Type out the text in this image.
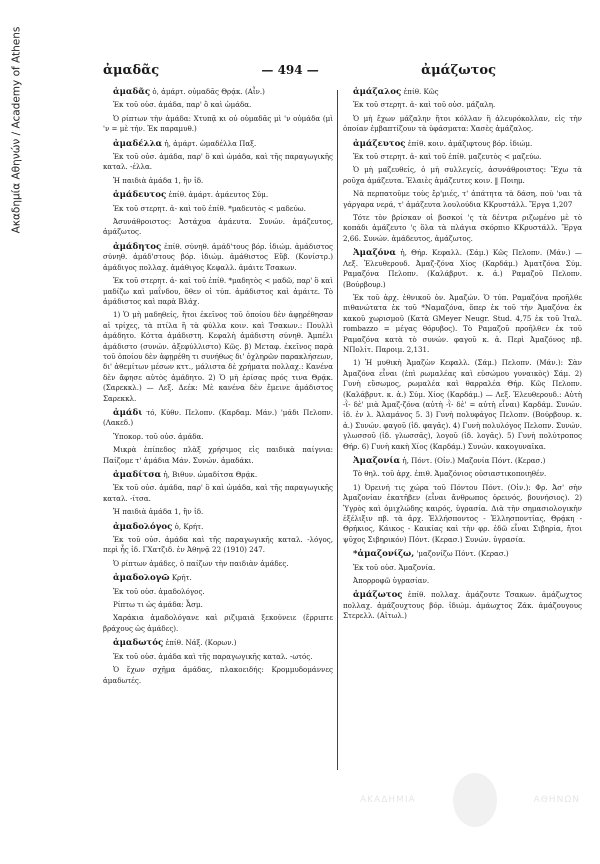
Ακαδημία Αθηνών / Academy of Athens	ἀμαδᾶς	— 494 —	ἀμάζωτος

ἀμαδᾶς ὁ, ἀμάρτ. οὐμαδᾶς Θρᾴκ. (Αἶν.)

Ἐκ τοῦ οὐσ. ἀμάδα, παρ' ὃ καὶ ὠμάδα.

Ὁ ρίπτων τὴν ἀμάδα: Χτυπᾷ κι οὐ οὐμαδᾶς μὶ 'ν οὐμάδα (μὶ 'ν = μὲ τήν. Ἐκ παραμυθ.)

ἀμαδέλλα ἡ, ἀμάρτ. ὠμαδέλλα Παξ.

Ἐκ τοῦ οὐσ. ἀμάδα, παρ' ὃ καὶ ὠμάδα, καὶ τῆς παραγωγικῆς καταλ. -έλλα.

Ἡ παιδιὰ ἀμάδα 1, ἣν ἰδ.

ἀμάδευτος ἐπίθ. ἀμάρτ. ἀμάευτος Σύμ.

Ἐκ τοῦ στερητ. ἀ- καὶ τοῦ ἐπίθ. *μαδευτὸς < μαδεύω.

Ἀσυνάθροιστος: Ἀστάχυα ἀμάευτα. Συνών. ἀμάζευτος, ἀμάζωτος.

ἀμάδητος ἐπίθ. σύνηθ. ἀμάδ'τους βόρ. ἰδιώμ. ἀμάδιστος σύνηθ. ἀμάδ'στους βόρ. ἰδιώμ. ἀμάθιστος Εὔβ. (Κονίστρ.) ἀμάδιγος πολλαχ. ἀμάθιγος Κεφαλλ. ἀμάιτε Τσακων.

Ἐκ τοῦ στερητ. ἀ- καὶ τοῦ ἐπίθ. *μαδητὸς < μαδῶ, παρ' ὃ καὶ μαδίζω καὶ μαΐνδου, ὅθεν οἱ τύπ. ἀμάδιστος καὶ ἀμάιτε. Τὸ ἀμάδιστος καὶ παρὰ Βλάχ.

1) Ὁ μὴ μαδηθείς, ἤτοι ἐκεῖνος τοῦ ὁποίου δὲν ἀφῃρέθησαν αἱ τρίχες, τὰ πτίλα ἢ τὰ φύλλα κοιν. καὶ Τσακων.: Πουλλὶ ἀμάδητο. Κόττα ἀμάδιστη. Κεφαλὴ ἀμάδιστη σύνηθ. Ἀμπέλι ἀμάδιστο (συνών. ἀξεφύλλιστο) Κῶς. β) Μεταφ. ἐκεῖνος παρὰ τοῦ ὁποίου δὲν ἀφῃρέθη τι συνήθως δι' ὀχληρῶν παρακλήσεων, δι' ἀθεμίτων μέσων κττ., μάλιστα δὲ χρήματα πολλαχ.: Κανένα δὲν ἄφησε αὐτὸς ἀμάδητο. 2) Ὁ μὴ ἐρίσας πρός τινα Θρᾴκ. (Σαρεκκλ.) — Λεξ. Δεέκ: Μὲ κανένα δὲν ἔμεινε ἀμάδιστος Σαρεκκλ.

ἀμάδι τό, Κύθν. Πελοπν. (Καρδαμ. Μάν.) 'μάδι Πελοπν. (Λακεδ.)

Ὑποκορ. τοῦ οὐσ. ἀμάδα.

Μικρὰ ἐπίπεδος πλὰξ χρήσιμος εἰς παιδικὰ παίγνια: Παίζομε τ' ἀμάδια Μάν. Συνών. ἀμαδάκι.

ἀμαδίτσα ἡ, Βιθυν. ὠμαδίτσα Θρᾴκ.

Ἐκ τοῦ οὐσ. ἀμάδα, παρ' ὃ καὶ ὠμάδα, καὶ τῆς παραγωγικῆς καταλ. -ίτσα.

Ἡ παιδιὰ ἀμάδα 1, ἣν ἰδ.

ἀμαδολόγος ὁ, Κρήτ.

Ἐκ τοῦ οὐσ. ἀμάδα καὶ τῆς παραγωγικῆς καταλ. -λόγος, περὶ ἧς ἰδ. ΓΧατζιδ. ἐν Ἀθηνᾷ 22 (1910) 247.

Ὁ ρίπτων ἀμάδες, ὁ παίζων τὴν παιδιὰν ἀμάδες.

ἀμαδολογῶ Κρήτ.

Ἐκ τοῦ οὐσ. ἀμαδολόγος.

Ρίπτω τι ὡς ἀμάδα: Ἆσμ.

Χαράκια ἀμαδολόγανε καὶ ριζιμαιὰ ξεκούνειε (ἔρριπτε βράχους ὡς ἀμάδες).

ἀμαδωτός ἐπίθ. Νάξ. (Κορων.)

Ἐκ τοῦ οὐσ. ἀμάδα καὶ τῆς παραγωγικῆς καταλ. -ωτός.

Ὁ ἔχων σχῆμα ἀμάδας, πλακοειδής: Κρομμυδομάννες ἀμαδωτές.

ἀμάζαλος ἐπίθ. Κῶς

Ἐκ τοῦ στερητ. ἀ- καὶ τοῦ οὐσ. μάζαλη.

Ὁ μὴ ἔχων μάζαλην ἤτοι κόλλαν ἢ ἀλευρόκολλαν, εἰς τὴν ὁποίαν ἐμβαπτίζουν τὰ ὑφάσματα: Χασὲς ἀμάζαλος.

ἀμάζευτος ἐπίθ. κοιν. ἀμάζιφτους βόρ. ἰδιώμ.

Ἐκ τοῦ στερητ. ἀ- καὶ τοῦ ἐπίθ. μαζευτὸς < μαζεύω.

Ὁ μὴ μαζευθείς, ὁ μὴ συλλεγείς, ἀσυνάθροιστος: Ἔχω τὰ ροῦχα ἀμάζευτα. Ἐλαιὲς ἀμάζευτες κοιν. ‖ Ποιημ.

Νὰ περπατοῦμε τοὺς ἔρ'μιές, τ' ἀπάτητα τὰ δάση, ποὺ 'ναι τὰ γάργαρα νερά, τ' ἀμάζευτα λουλούδια ΚΚρυστάλλ. Ἔργα 1,207

Τότε τὸν βρίσκαν οἱ βοσκοί 'ς τὰ δέντρα ριζωμένο μὲ τὸ κοπάδι ἀμάζευτο 'ς ὅλα τὰ πλάγια σκόρπιο ΚΚρυστάλλ. Ἔργα 2,66. Συνών. ἀμάδευτος, ἀμάζωτος.

Ἀμαζόνα ἡ, Θήρ. Κεφαλλ. (Σάμ.) Κῶς Πελοπν. (Μάν.) — Λεξ. Ἐλευθερουδ. Ἀμαζ-ζόνα Χίος (Καρδάμ.) Ἀματζόνα Σύμ. Ραμαζόνα Πελοπν. (Καλάβρυτ. κ. ἀ.) Ραμαζοῦ Πελοπν. (Βούρβουρ.)

Ἐκ τοῦ ἀρχ. ἐθνικοῦ ὀν. Ἀμαζών. Ὁ τύπ. Ραμαζόνα προῆλθε πιθανώτατα ἐκ τοῦ *Ναμαζόνα, ὅπερ ἐκ τοῦ τὴν Ἀμαζόνα ἐκ κακοῦ χωρισμοῦ (Κατὰ GMeyer Neugr. Stud. 4,75 ἐκ τοῦ Ἰταλ. rombazzo = μέγας θόρυβος). Τὸ Ραμαζοῦ προῆλθεν ἐκ τοῦ Ραμαζόνα κατὰ τὸ συνών. φαγοῦ κ. ἀ. Περὶ Ἀμαζόνος πβ. ΝΠολίτ. Παροιμ. 2,131.

1) Ἡ μυθικὴ Ἀμαζὼν Κεφαλλ. (Σάμ.) Πελοπν. (Μάν.): Σὰν Ἀμαζόνα εἶναι (ἐπὶ ρωμαλέας καὶ εὐσώμου γυναικὸς) Σάμ. 2) Γυνὴ εὔσωμος, ρωμαλέα καὶ θαρραλέα Θήρ. Κῶς Πελοπν. (Καλάβρυτ. κ. ἀ.) Σύμ. Χίος (Καρδάμ.) — Λεξ. Ἐλευθερουδ.: Αὐτὴ -ῒ- δὲ' μιὰ Ἀμαζ-ζόνα (αὐτὴ -ῒ- δὲ' = αὐτὴ εἶναι) Καρδάμ. Συνών. ἰδ. ἐν λ. Ἀλαμάνος 5. 3) Γυνὴ πολυφάγος Πελοπν. (Βούρβουρ. κ. ἀ.) Συνών. φαγοῦ (ἰδ. φαγᾶς). 4) Γυνὴ πολυλόγος Πελοπν. Συνών. γλωσσοῦ (ἰδ. γλωσσᾶς), λογοῦ (ἰδ. λογᾶς). 5) Γυνὴ πολύτροπος Θήρ. 6) Γυνὴ κακὴ Χίος (Καρδάμ.) Συνών. κακογυναῖκα.

Ἀμαζονία ἡ, Πόντ. (Οἰν.) Μαζονία Πόντ. (Κερασ.)

Τὸ θηλ. τοῦ ἀρχ. ἐπιθ. Ἀμαζόνιος οὐσιαστικοποιηθέν.

1) Ὀρεινή τις χώρα τοῦ Πόντου Πόντ. (Οἰν.): Φρ. Ἀσ' σὴν Ἀμαζονίαν ἐκατῆβεν (εἶναι ἄνθρωπος ὀρεινός, βουνήσιος). 2) Ὑγρὸς καὶ ὁμιχλώδης καιρός, ὑγρασία. Διὰ τὴν σημασιολογικὴν ἐξέλιξιν πβ. τὰ ἀρχ. Ἑλλήσποντος - Ἑλλησποντίας, Θρᾴκη - Θρήκιος, Κάικος - Καικίας καὶ τὴν φρ. ἐδῶ εἶναι Σιβηρία, ἤτοι ψῦχος Σιβηρικόν) Πόντ. (Κερασ.) Συνών. ὑγρασία.

*ἀμαζονίζω, 'μαζονίζω Πόντ. (Κερασ.)

Ἐκ τοῦ οὐσ. Ἀμαζονία.

Ἀπορροφῶ ὑγρασίαν.

ἀμάζωτος ἐπίθ. πολλαχ. ἀμάζουτε Τσακων. ἀμάζωχτος πολλαχ. ἀμάζουχτους βόρ. ἰδιώμ. ἀμάωχτος Ζάκ. ἀμάζουγους Στερελλ. (Αἰτωλ.)

ΑΚΑΔΗΜΙΑ	ΑΘΗΝΩΝ
